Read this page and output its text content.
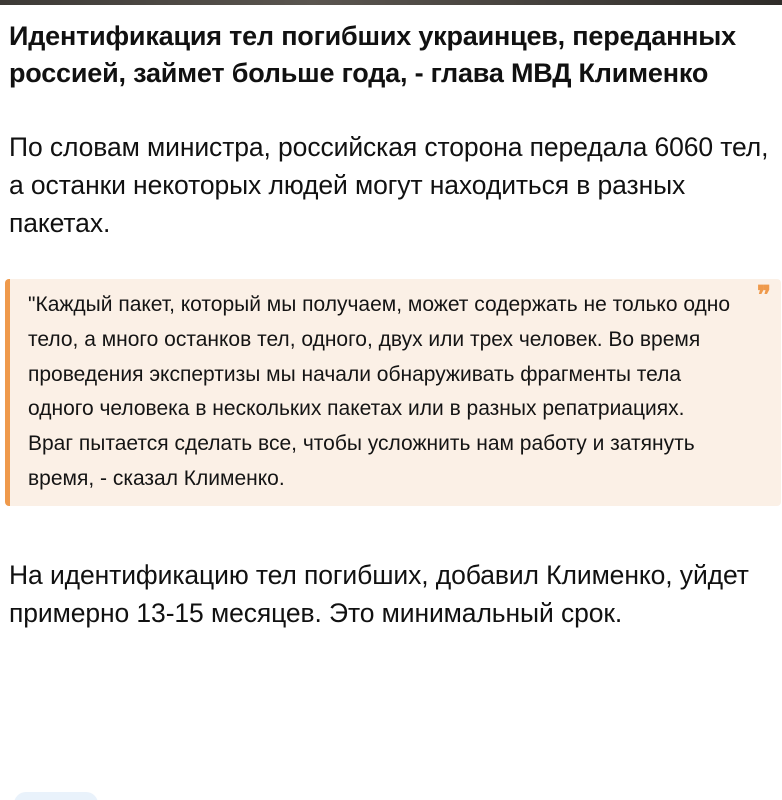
Идентификация тел погибших украинцев, переданных россией, займет больше года, - глава МВД Клименко

По словам министра, российская сторона передала 6060 тел, а останки некоторых людей могут находиться в разных пакетах.

"Каждый пакет, который мы получаем, может содержать не только одно тело, а много останков тел, одного, двух или трех человек. Во время проведения экспертизы мы начали обнаруживать фрагменты тела одного человека в нескольких пакетах или в разных репатриациях. Враг пытается сделать все, чтобы усложнить нам работу и затянуть время, - сказал Клименко.

❞

На идентификацию тел погибших, добавил Клименко, уйдет примерно 13-15 месяцев. Это минимальный срок.
